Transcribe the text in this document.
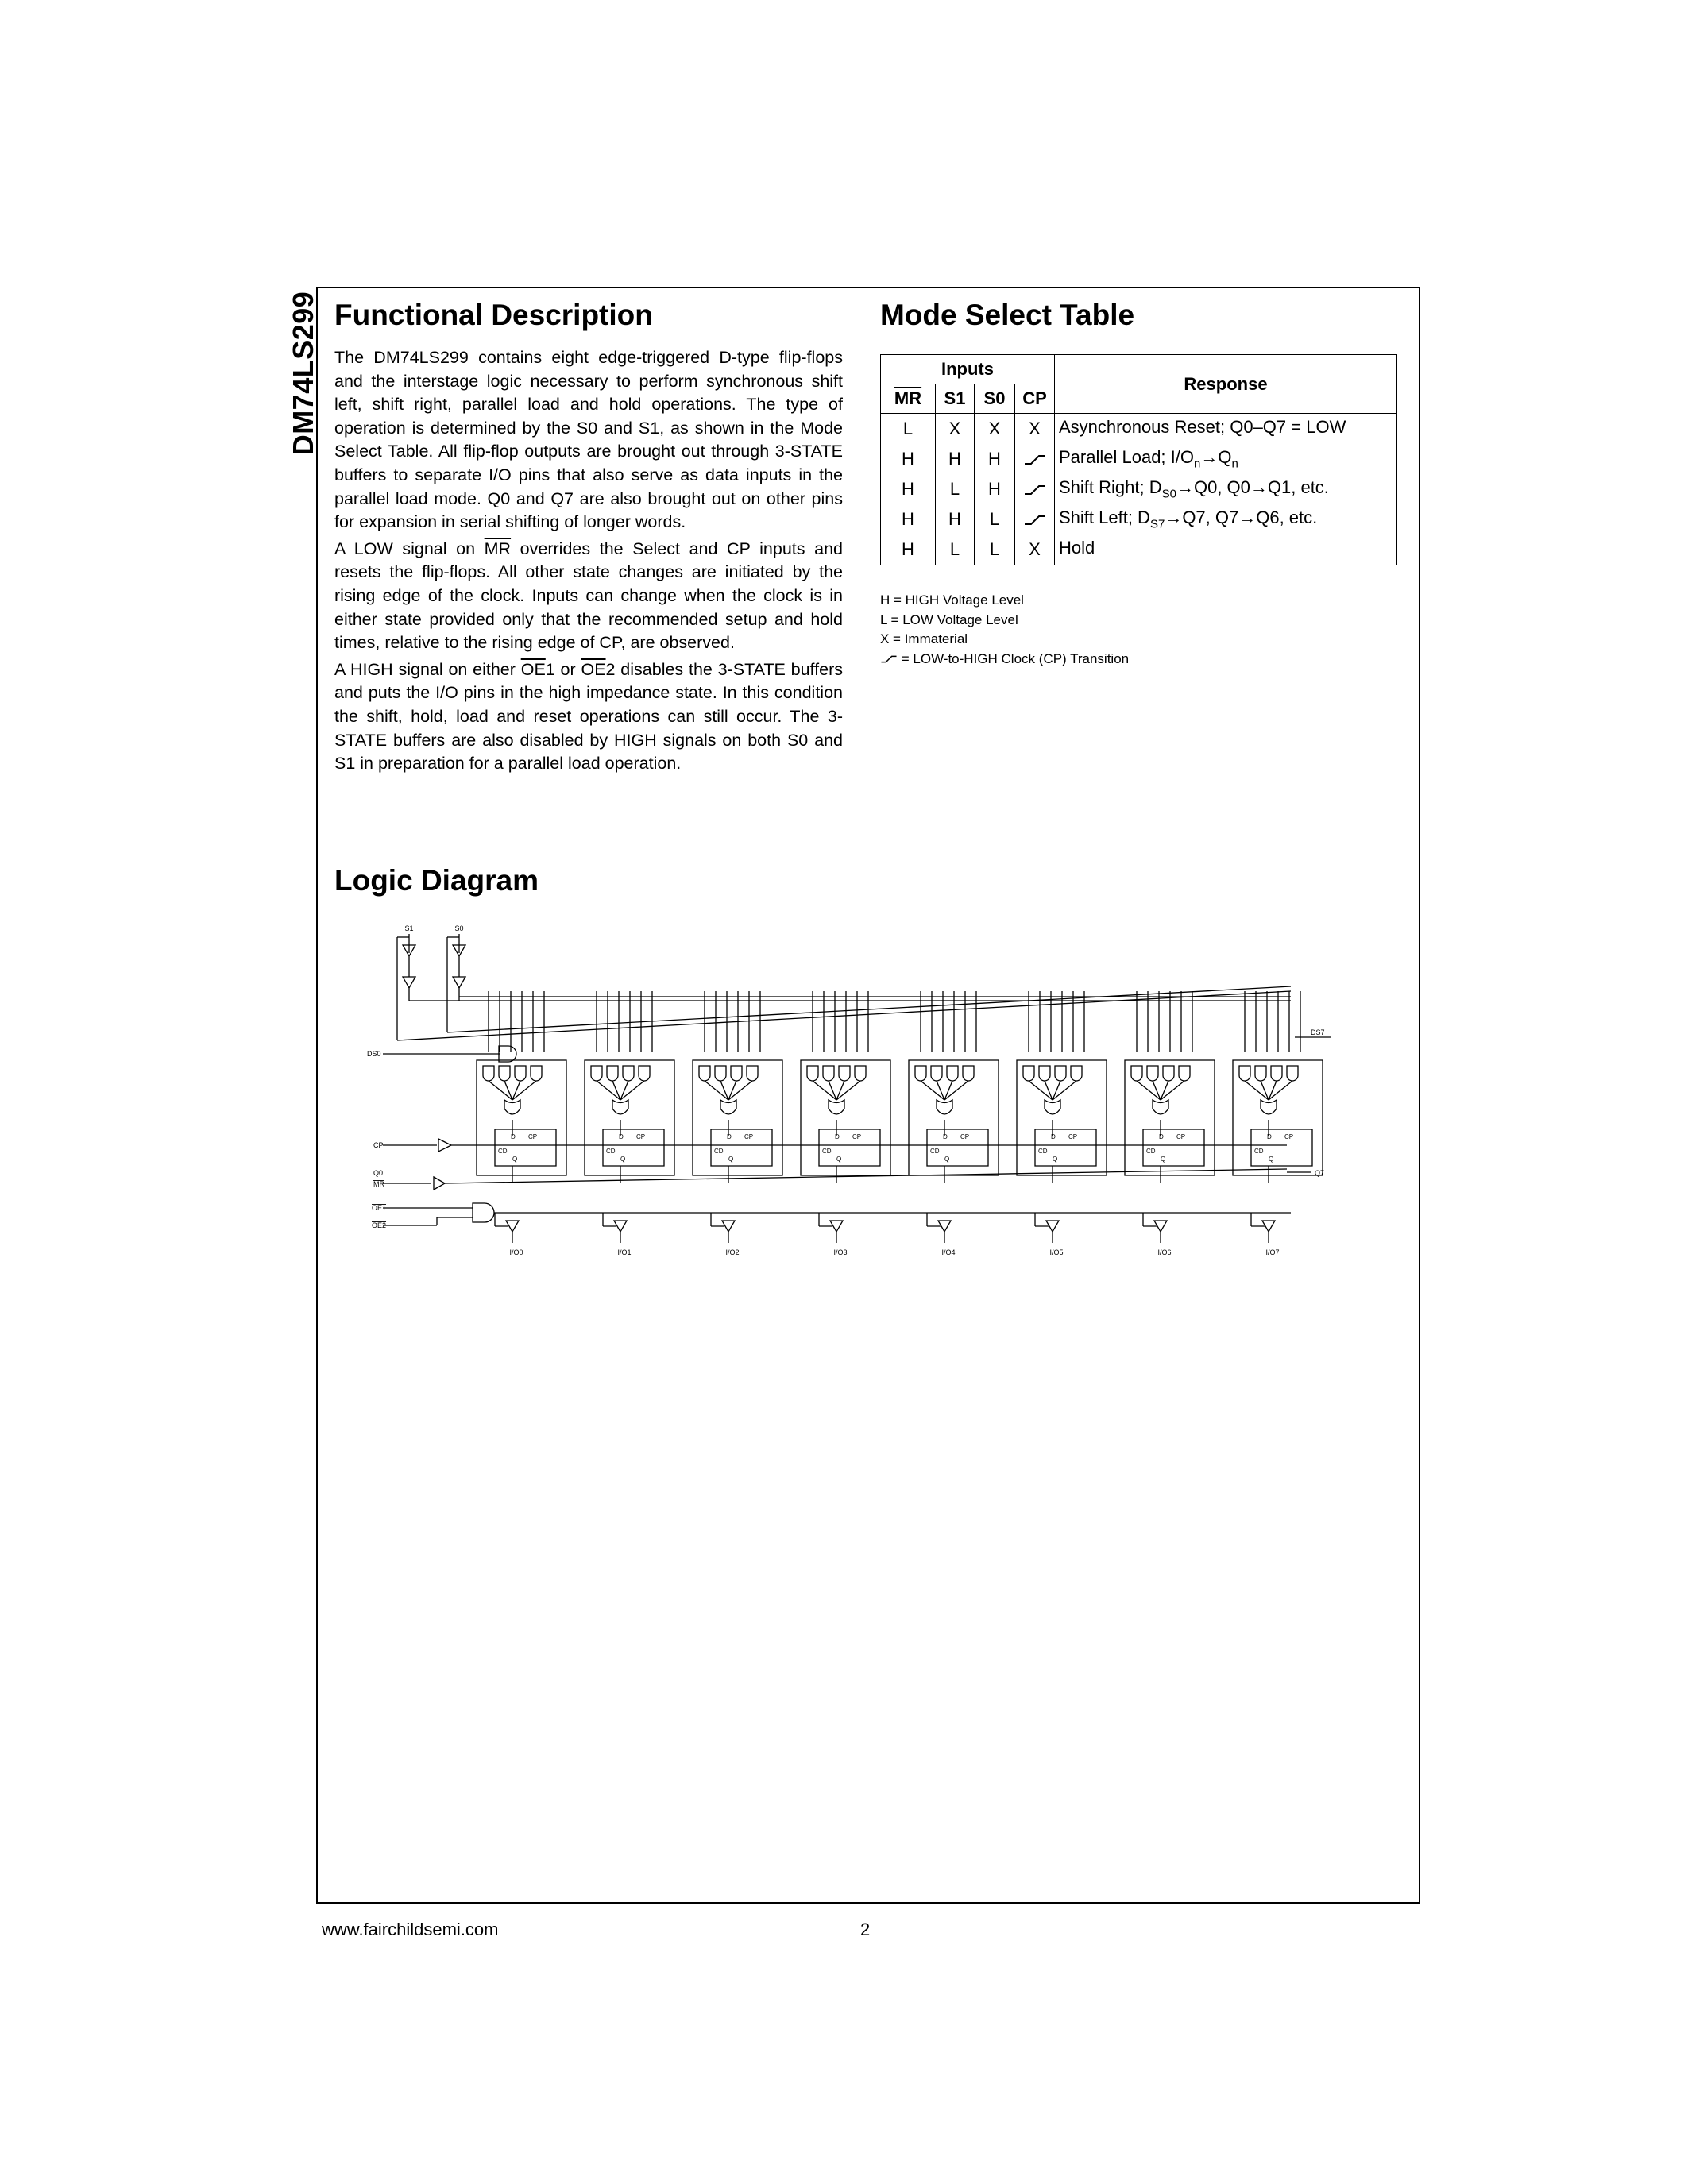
DM74LS299 Functional Description

The DM74LS299 contains eight edge-triggered D-type flip-flops and the interstage logic necessary to perform synchronous shift left, shift right, parallel load and hold operations. The type of operation is determined by the S0 and S1, as shown in the Mode Select Table. All flip-flop outputs are brought out through 3-STATE buffers to separate I/O pins that also serve as data inputs in the parallel load mode. Q0 and Q7 are also brought out on other pins for expansion in serial shifting of longer words.

A LOW signal on $\overline{MR}$ overrides the Select and CP inputs and resets the flip-flops. All other state changes are initiated by the rising edge of the clock. Inputs can change when the clock is in either state provided only that the recommended setup and hold times, relative to the rising edge of CP, are observed.

A HIGH signal on either $\overline{OE}1$ or $\overline{OE}2$ disables the 3-STATE buffers and puts the I/O pins in the high impedance state. In this condition the shift, hold, load and reset operations can still occur. The 3-STATE buffers are also disabled by HIGH signals on both S0 and S1 in preparation for a parallel load operation.

Mode Select Table
Inputs				Response
$\overline{MR}$	S1	S0	CP	
L	X	X	X	Asynchronous Reset; Q0–Q7 = LOW
H	H	H		Parallel Load; $I/O_n\to Q_n$
H	L	H		Shift Right; $D_{S0}\to Q0$, Q0→Q1, etc.
H	H	L		Shift Left; $D_{S7}\to Q7$, Q7→Q6, etc.
H	L	L	X	Hold
H = HIGH Voltage Level
L = LOW Voltage Level
X = Immaterial
= LOW-to-HIGH Clock (CP) Transition
Logic Diagram
S1	S0
DS0
DS7
CP
Q0
MR
OE1
OE2
Q7
D CP
CD
Q
I/O0
D CP
CD
Q
I/O1
D CP
CD
Q
I/O2
D CP
CD
Q
I/O3
D CP
CD
Q
I/O4
D CP
CD
Q
I/O5
D CP
CD
Q
I/O6
D CP
CD
Q
I/O7
www.fairchildsemi.com	2
